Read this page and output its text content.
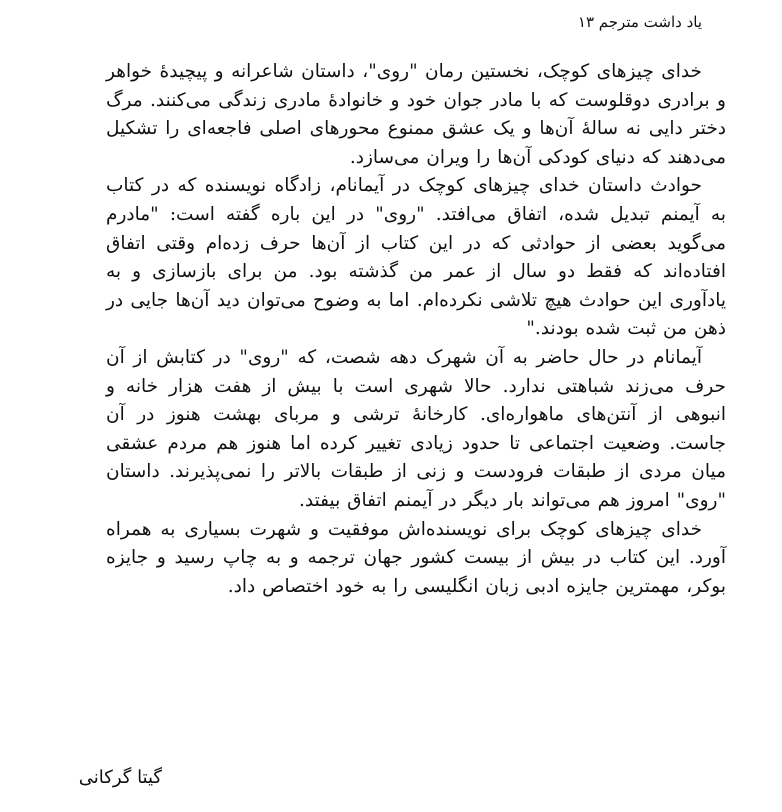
یاد داشت مترجم ۱۳

خدای چیزهای کوچک، نخستین رمان "روی"، داستان شاعرانه و پیچیدهٔ خواهر و برادری دوقلوست که با مادر جوان خود و خانوادهٔ مادری زندگی می‌کنند. مرگ دختر دایی نه سالهٔ آن‌ها و یک عشق ممنوع محورهای اصلی فاجعه‌ای را تشکیل می‌دهند که دنیای کودکی آن‌ها را ویران می‌سازد.

حوادث داستان خدای چیزهای کوچک در آیمانام، زادگاه نویسنده که در کتاب به آیمنم تبدیل شده، اتفاق می‌افتد. "روی" در این باره گفته است: "مادرم می‌گوید بعضی از حوادثی که در این کتاب از آن‌ها حرف زده‌ام وقتی اتفاق افتاده‌اند که فقط دو سال از عمر من گذشته بود. من برای بازسازی و به یادآوری این حوادث هیچ تلاشی نکرده‌ام. اما به وضوح می‌توان دید آن‌ها جایی در ذهن من ثبت شده بودند."

آیمانام در حال حاضر به آن شهرک دهه شصت، که "روی" در کتابش از آن حرف می‌زند شباهتی ندارد. حالا شهری است با بیش از هفت هزار خانه و انبوهی از آنتن‌های ماهواره‌ای. کارخانهٔ ترشی و مربای بهشت هنوز در آن جاست. وضعیت اجتماعی تا حدود زیادی تغییر کرده اما هنوز هم مردم عشقی میان مردی از طبقات فرودست و زنی از طبقات بالاتر را نمی‌پذیرند. داستان "روی" امروز هم می‌تواند بار دیگر در آیمنم اتفاق بیفتد.

خدای چیزهای کوچک برای نویسنده‌اش موفقیت و شهرت بسیاری به همراه آورد. این کتاب در بیش از بیست کشور جهان ترجمه و به چاپ رسید و جایزه بوکر، مهمترین جایزه ادبی زبان انگلیسی را به خود اختصاص داد.

گیتا گرکانی
